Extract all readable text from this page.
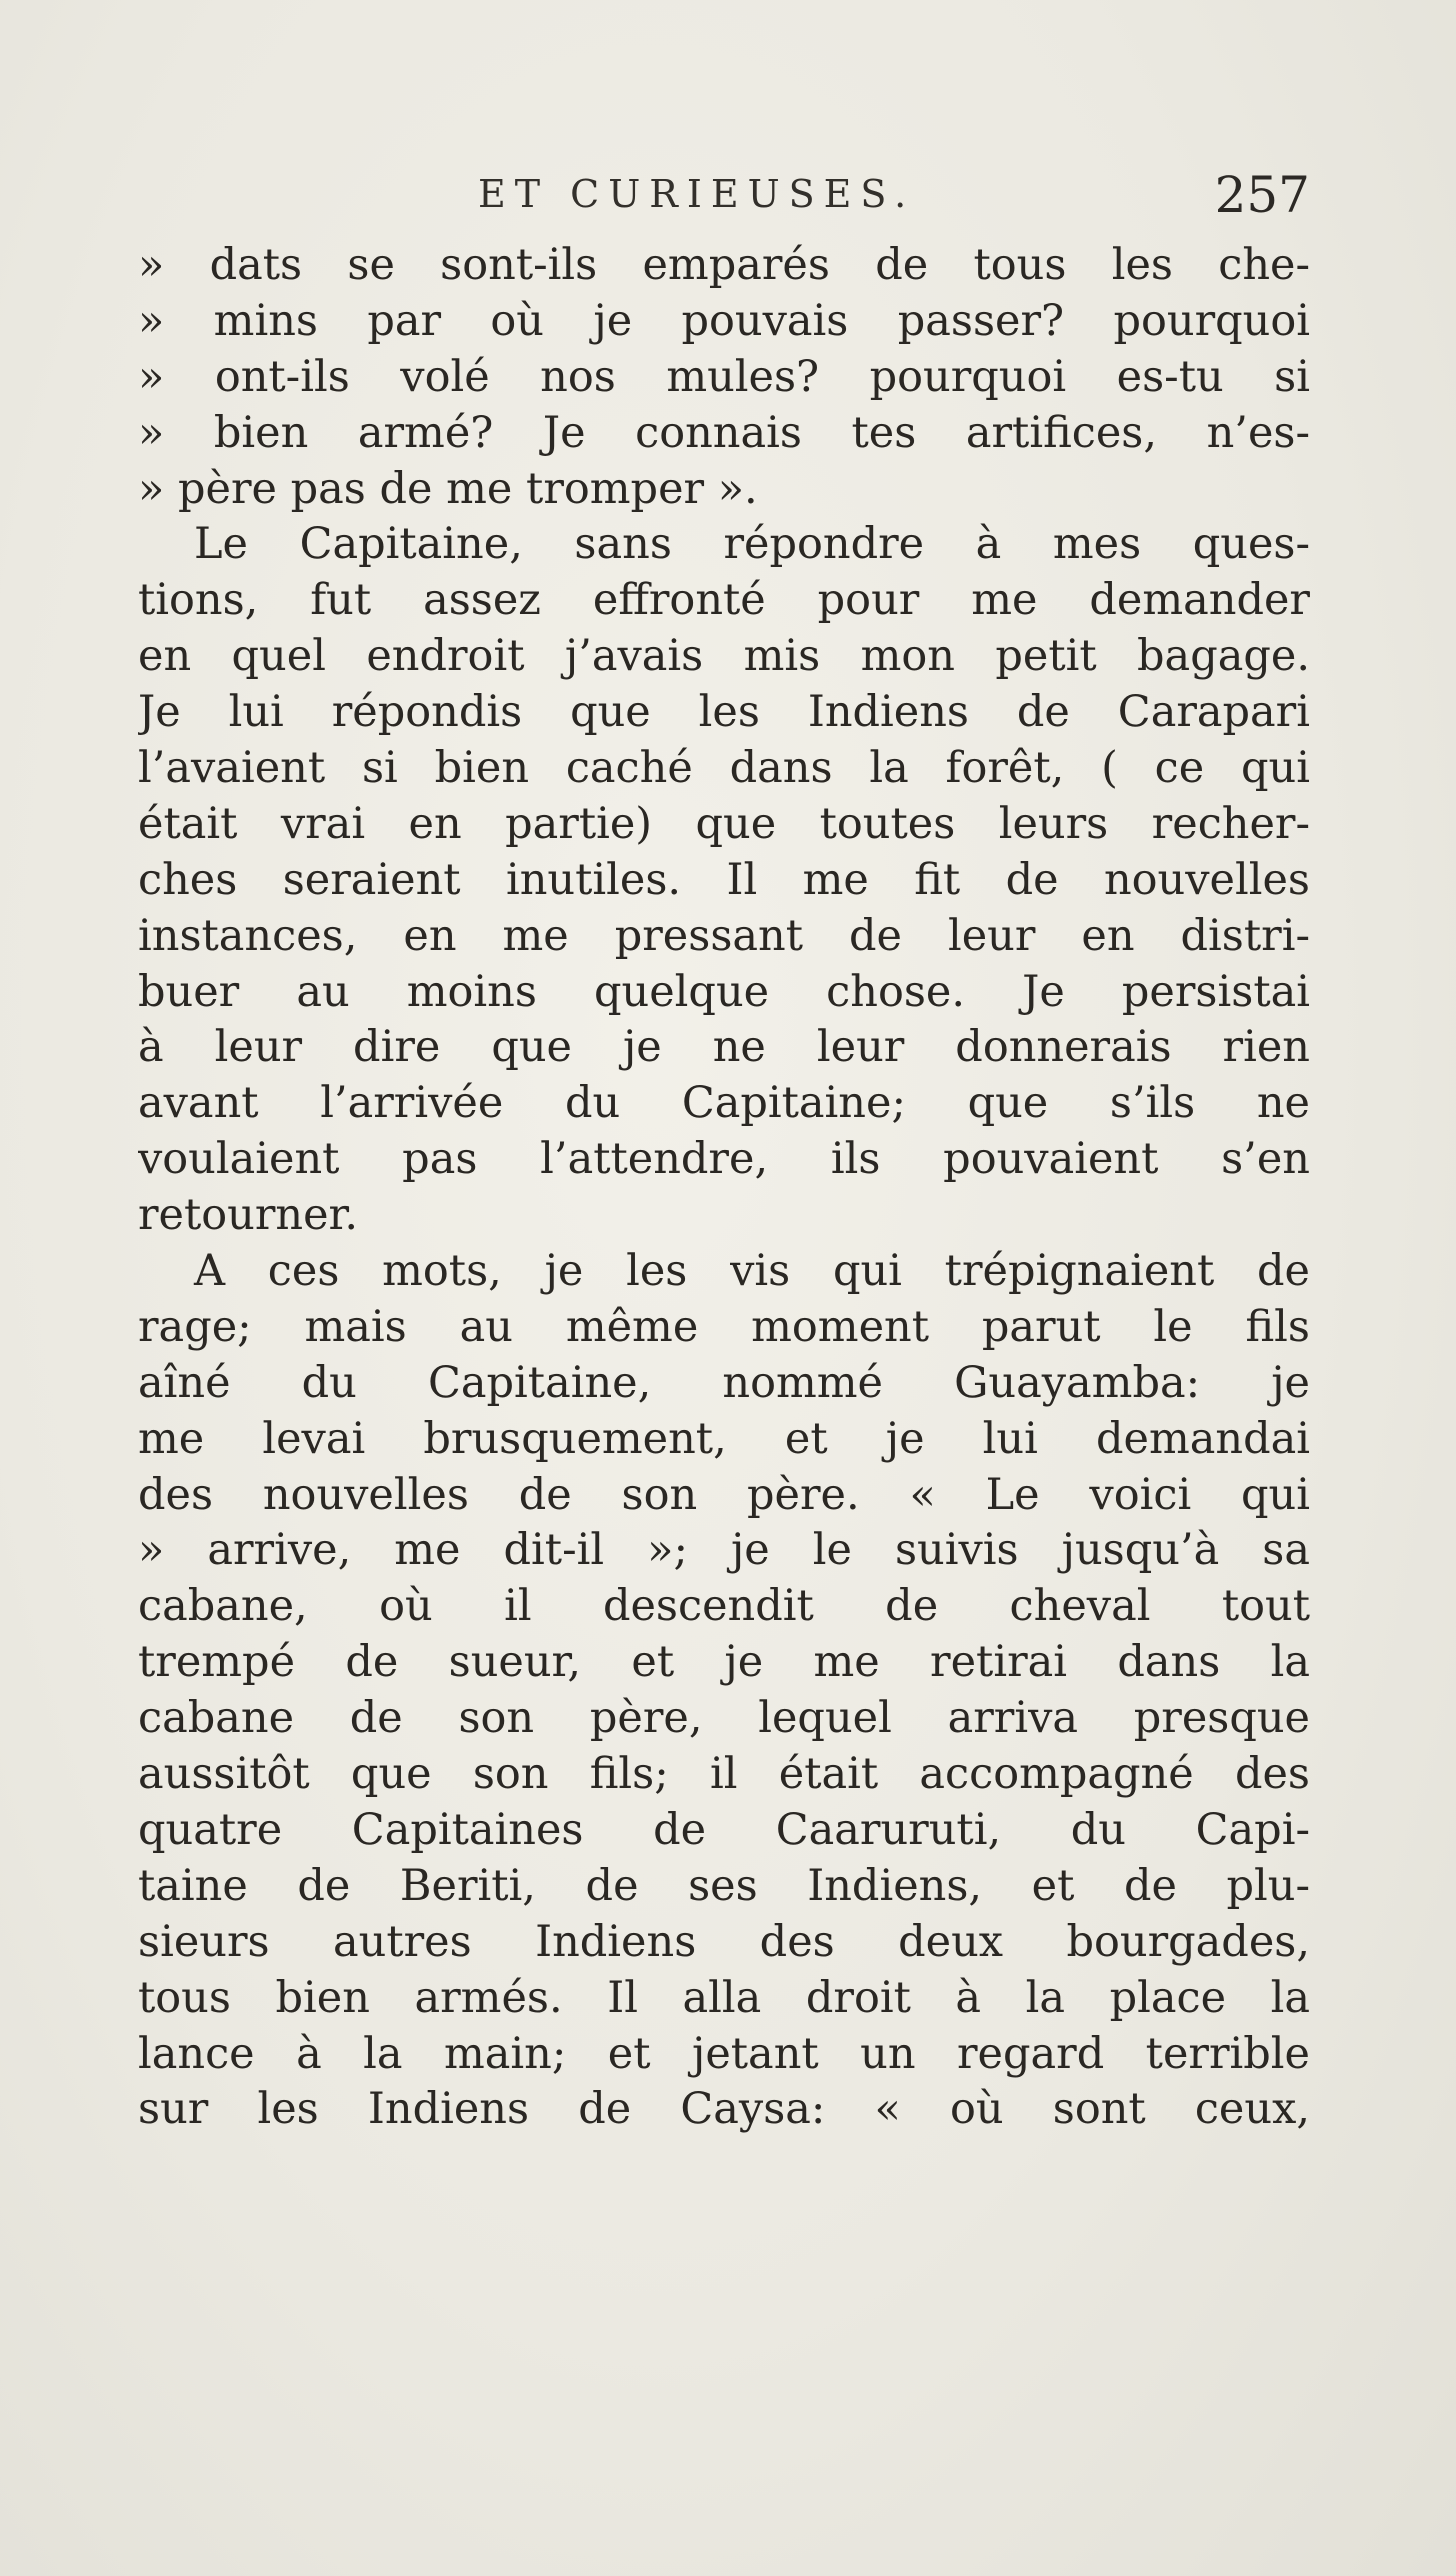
ET CURIEUSES.	257
» dats se sont-ils emparés de tous les che-
» mins par où je pouvais passer? pourquoi
» ont-ils volé nos mules? pourquoi es-tu si
» bien armé? Je connais tes artifices, n’es-
» père pas de me tromper ».
Le Capitaine, sans répondre à mes ques-
tions, fut assez effronté pour me demander
en quel endroit j’avais mis mon petit bagage.
Je lui répondis que les Indiens de Carapari
l’avaient si bien caché dans la forêt, ( ce qui
était vrai en partie) que toutes leurs recher-
ches seraient inutiles. Il me fit de nouvelles
instances, en me pressant de leur en distri-
buer au moins quelque chose. Je persistai
à leur dire que je ne leur donnerais rien
avant l’arrivée du Capitaine; que s’ils ne
voulaient pas l’attendre, ils pouvaient s’en
retourner.
A ces mots, je les vis qui trépignaient de
rage; mais au même moment parut le fils
aîné du Capitaine, nommé Guayamba: je
me levai brusquement, et je lui demandai
des nouvelles de son père. « Le voici qui
» arrive, me dit-il »; je le suivis jusqu’à sa
cabane, où il descendit de cheval tout
trempé de sueur, et je me retirai dans la
cabane de son père, lequel arriva presque
aussitôt que son fils; il était accompagné des
quatre Capitaines de Caaruruti, du Capi-
taine de Beriti, de ses Indiens, et de plu-
sieurs autres Indiens des deux bourgades,
tous bien armés. Il alla droit à la place la
lance à la main; et jetant un regard terrible
sur les Indiens de Caysa: « où sont ceux,
